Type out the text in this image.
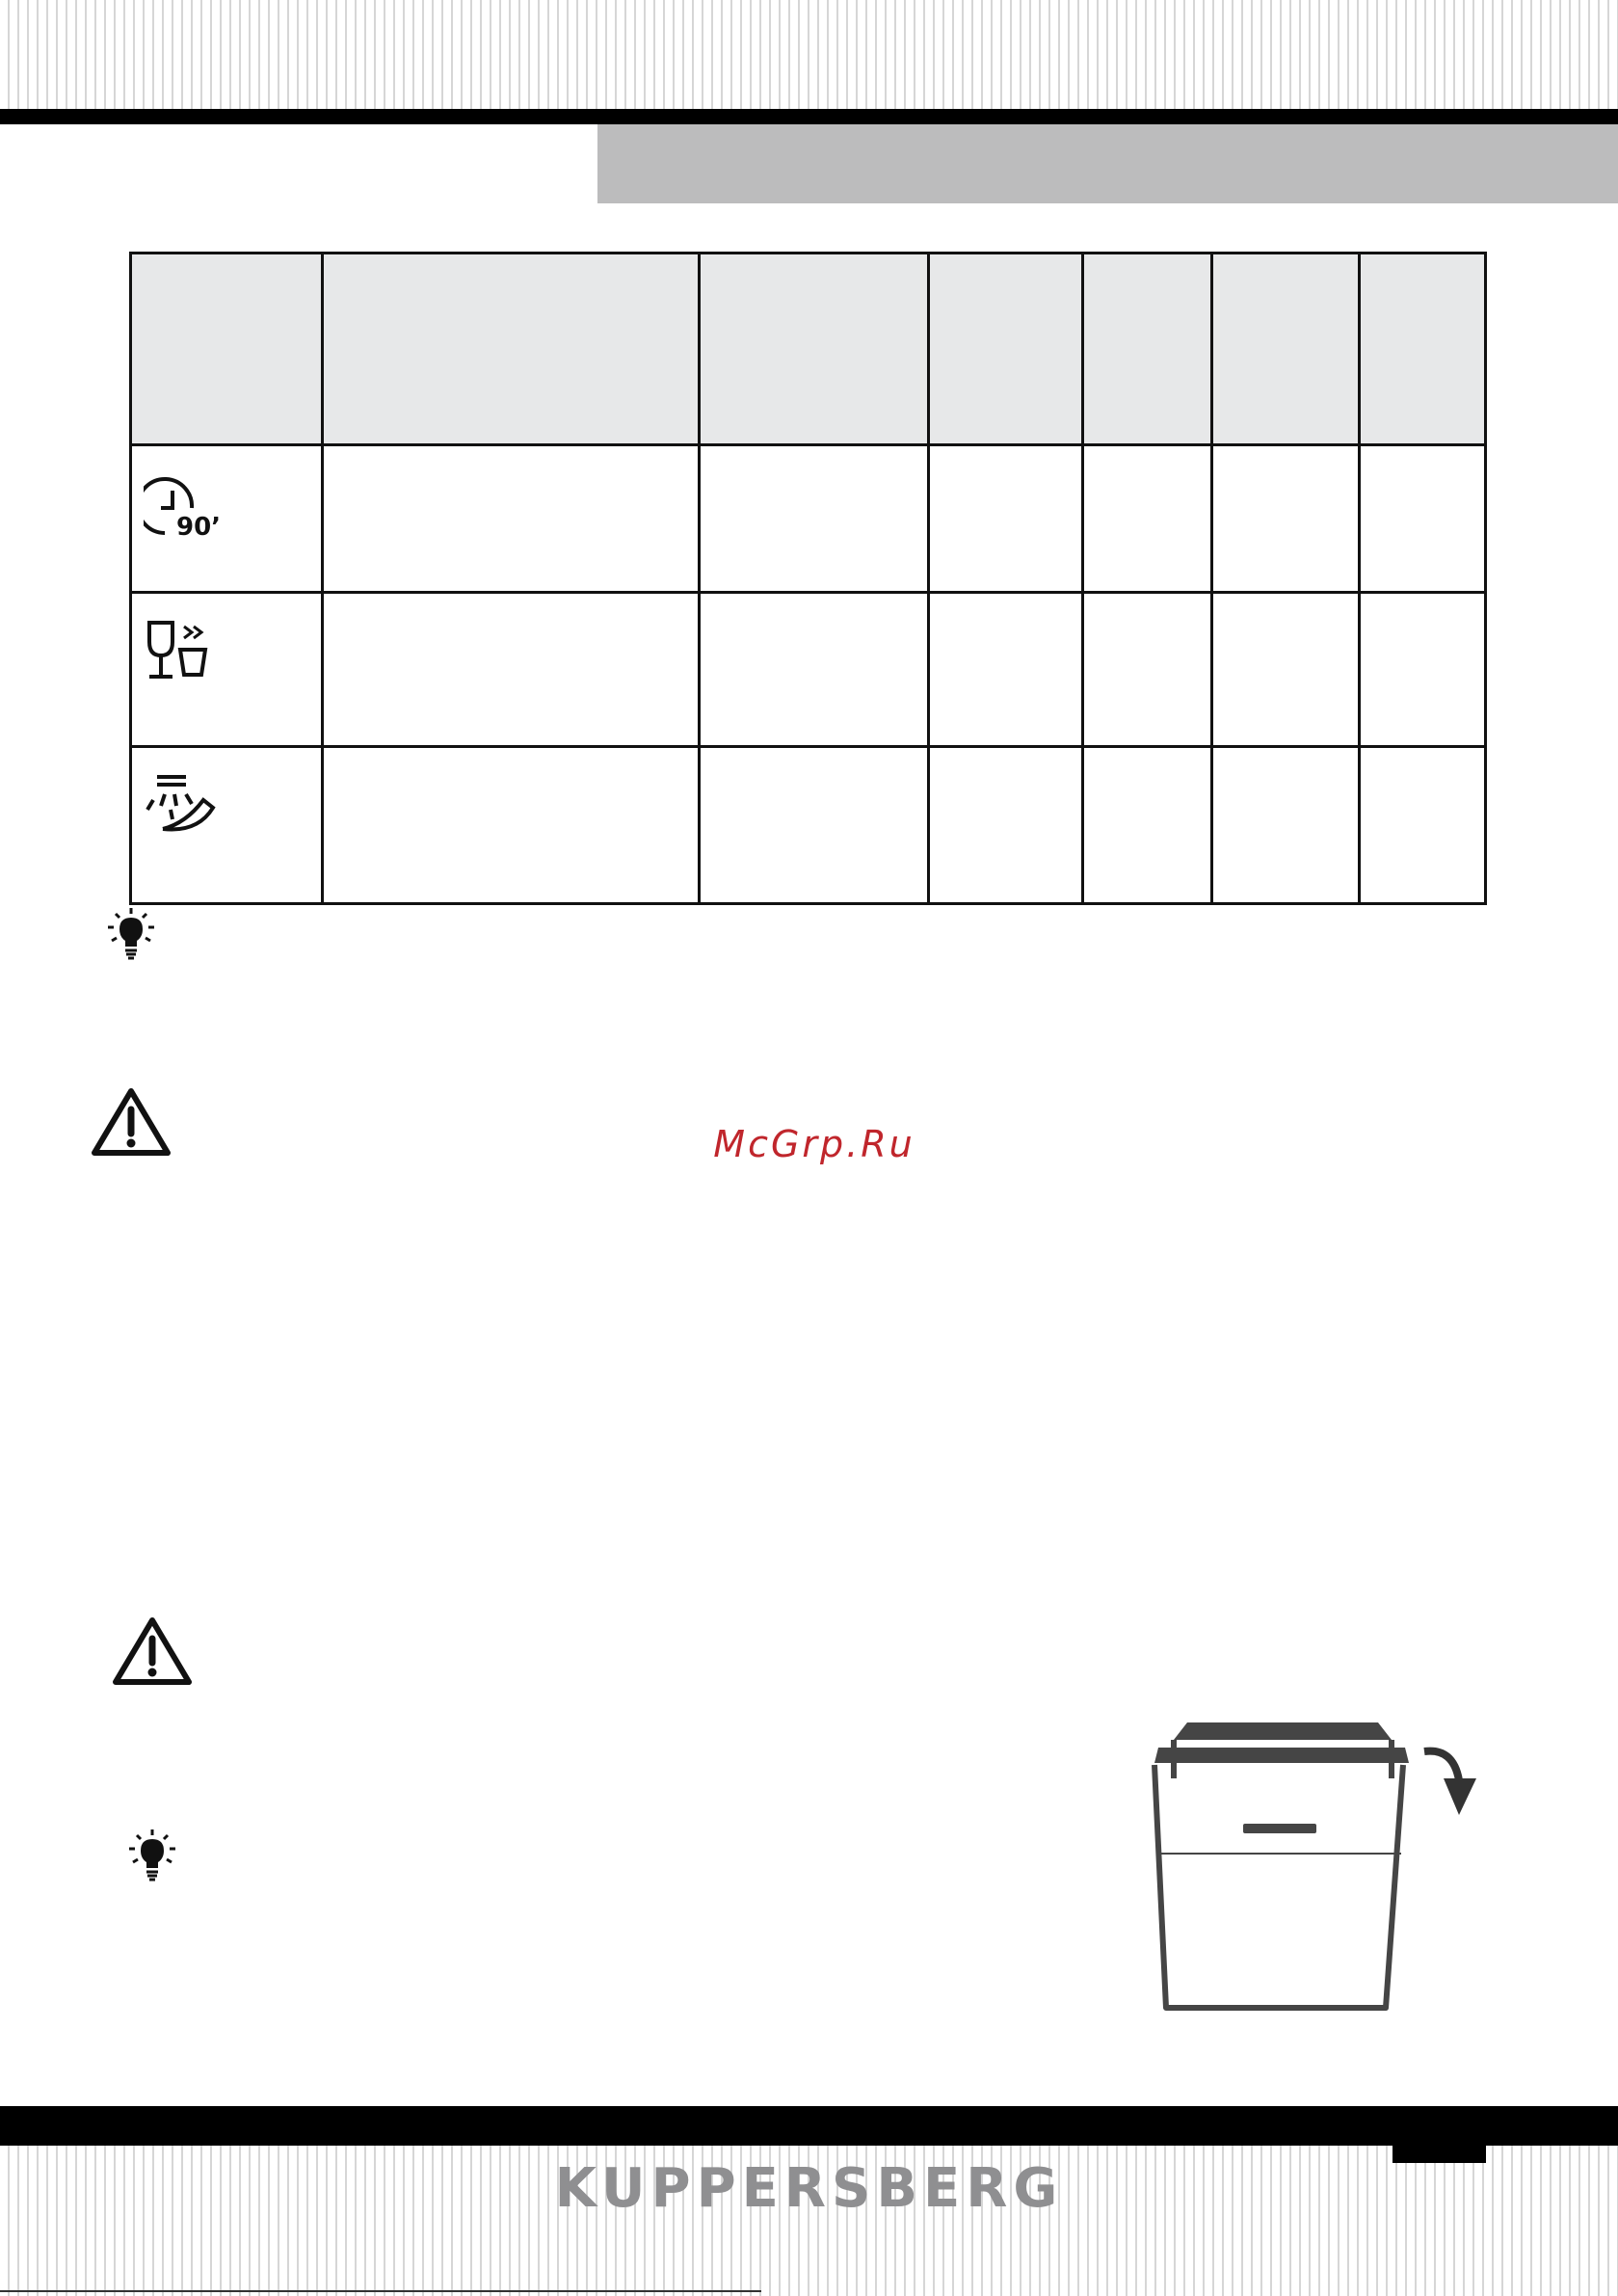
90’						

McGrp.Ru
KUPPERSBERG
